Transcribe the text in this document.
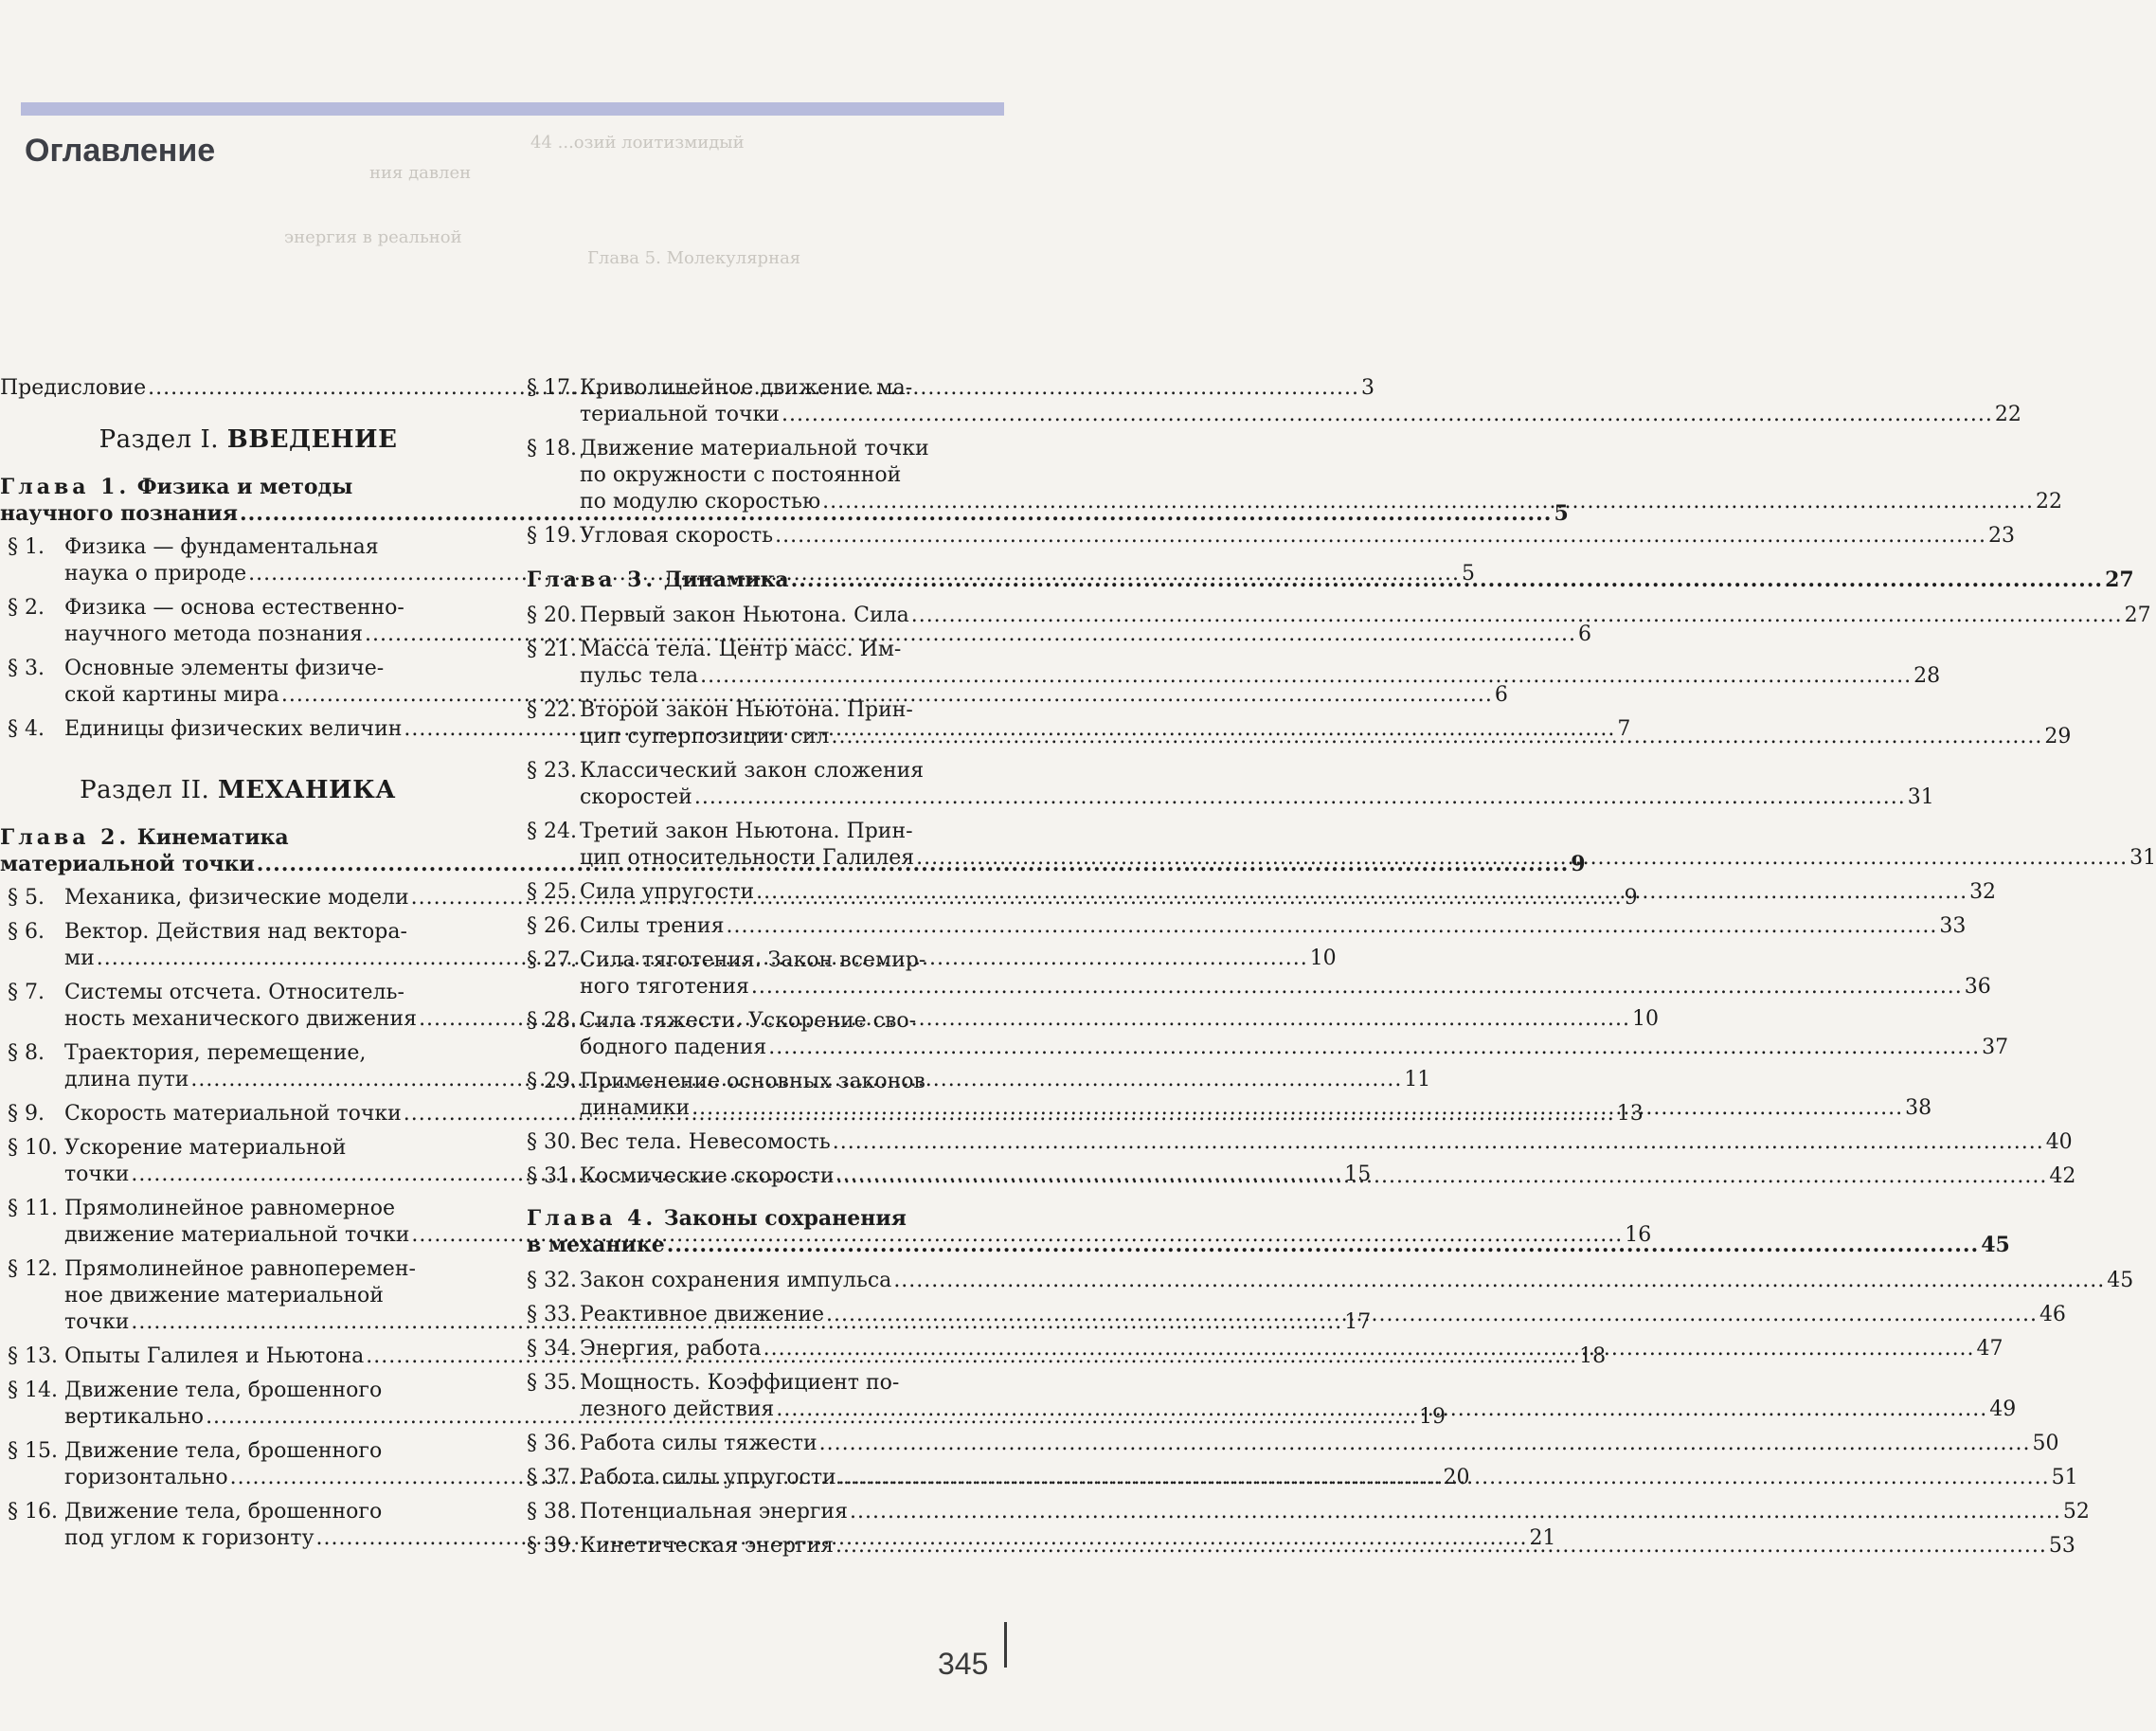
44 ...озий лоитизмидый
ния давлен
энергия в реальной
Глава 5. Молекулярная
Оглавление
Предисловие .....	3
Раздел I. ВВЕДЕНИЕ
Глава 1. Физика и методы
научного познания .....	5
§ 1. Физика — фундаментальная
наука о природе .....	5
§ 2. Физика — основа естественно-
научного метода познания .....	6
§ 3. Основные элементы физиче-
ской картины мира .....	6
§ 4. Единицы физических величин .....	7
Раздел II. МЕХАНИКА
Глава 2. Кинематика
материальной точки .....	9
§ 5. Механика, физические модели .....	9
§ 6. Вектор. Действия над вектора-
ми .....	10
§ 7. Системы отсчета. Относитель-
ность механического движения .....	10
§ 8. Траектория, перемещение,
длина пути .....	11
§ 9. Скорость материальной точки .....	13
§ 10. Ускорение материальной
точки .....	15
§ 11. Прямолинейное равномерное
движение материальной точки .....	16
§ 12. Прямолинейное равноперемен-
ное движение материальной
точки .....	17
§ 13. Опыты Галилея и Ньютона .....	18
§ 14. Движение тела, брошенного
вертикально .....	19
§ 15. Движение тела, брошенного
горизонтально .....	20
§ 16. Движение тела, брошенного
под углом к горизонту .....	21
§ 17. Криволинейное движение ма-
териальной точки .....	22
§ 18. Движение материальной точки
по окружности с постоянной
по модулю скоростью .....	22
§ 19. Угловая скорость .....	23
Глава 3. Динамика .....	27
§ 20. Первый закон Ньютона. Сила .....	27
§ 21. Масса тела. Центр масс. Им-
пульс тела .....	28
§ 22. Второй закон Ньютона. Прин-
цип суперпозиции сил .....	29
§ 23. Классический закон сложения
скоростей .....	31
§ 24. Третий закон Ньютона. Прин-
цип относительности Галилея .....	31
§ 25. Сила упругости .....	32
§ 26. Силы трения .....	33
§ 27. Сила тяготения. Закон всемир-
ного тяготения .....	36
§ 28. Сила тяжести. Ускорение сво-
бодного падения .....	37
§ 29. Применение основных законов
динамики .....	38
§ 30. Вес тела. Невесомость .....	40
§ 31. Космические скорости .....	42
Глава 4. Законы сохранения
в механике .....	45
§ 32. Закон сохранения импульса .....	45
§ 33. Реактивное движение .....	46
§ 34. Энергия, работа .....	47
§ 35. Мощность. Коэффициент по-
лезного действия .....	49
§ 36. Работа силы тяжести .....	50
§ 37. Работа силы упругости .....	51
§ 38. Потенциальная энергия .....	52
§ 39. Кинетическая энергия .....	53
345
